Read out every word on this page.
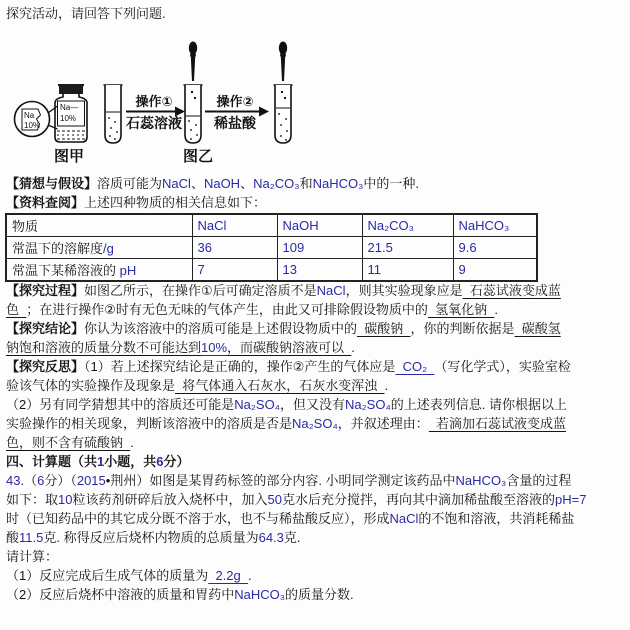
探究活动，请回答下列问题.
Na—
10%
Na
10%
图甲
操作①
石蕊溶液
操作②
稀盐酸
图乙
【猜想与假设】溶质可能为NaCl、NaOH、Na₂CO₃和NaHCO₃中的一种.
【资料查阅】上述四种物质的相关信息如下：
物质	NaCl	NaOH	Na₂CO₃	NaHCO₃
常温下的溶解度/g	36	109	21.5	9.6
常温下某稀溶液的 pH	7	13	11	9
【探究过程】如图乙所示，在操作①后可确定溶质不是NaCl，则其实验现象应是  石蕊试液变成蓝
色  ；在进行操作②时有无色无味的气体产生，由此又可排除假设物质中的  氢氧化钠  .
【探究结论】你认为该溶液中的溶质可能是上述假设物质中的  碳酸钠  ，你的判断依据是  碳酸氢
钠饱和溶液的质量分数不可能达到10%，而碳酸钠溶液可以  .
【探究反思】（1）若上述探究结论是正确的，操作②产生的气体应是  CO₂  （写化学式），实验室检
验该气体的实验操作及现象是  将气体通入石灰水，石灰水变浑浊  .
（2）另有同学猜想其中的溶质还可能是Na₂SO₄，但又没有Na₂SO₄的上述表列信息. 请你根据以上
实验操作的相关现象，判断该溶液中的溶质是否是Na₂SO₄，并叙述理由：  若滴加石蕊试液变成蓝
色，则不含有硫酸钠  .
四、计算题（共1小题，共6分）
43.（6分）（2015•荆州）如图是某胃药标签的部分内容. 小明同学测定该药品中NaHCO₃含量的过程
如下：取10粒该药剂研碎后放入烧杯中，加入50克水后充分搅拌，再向其中滴加稀盐酸至溶液的pH=7
时（已知药品中的其它成分既不溶于水，也不与稀盐酸反应），形成NaCl的不饱和溶液，共消耗稀盐
酸11.5克. 称得反应后烧杯内物质的总质量为64.3克.
请计算：
（1）反应完成后生成气体的质量为  2.2g  .
（2）反应后烧杯中溶液的质量和胃药中NaHCO₃的质量分数.
